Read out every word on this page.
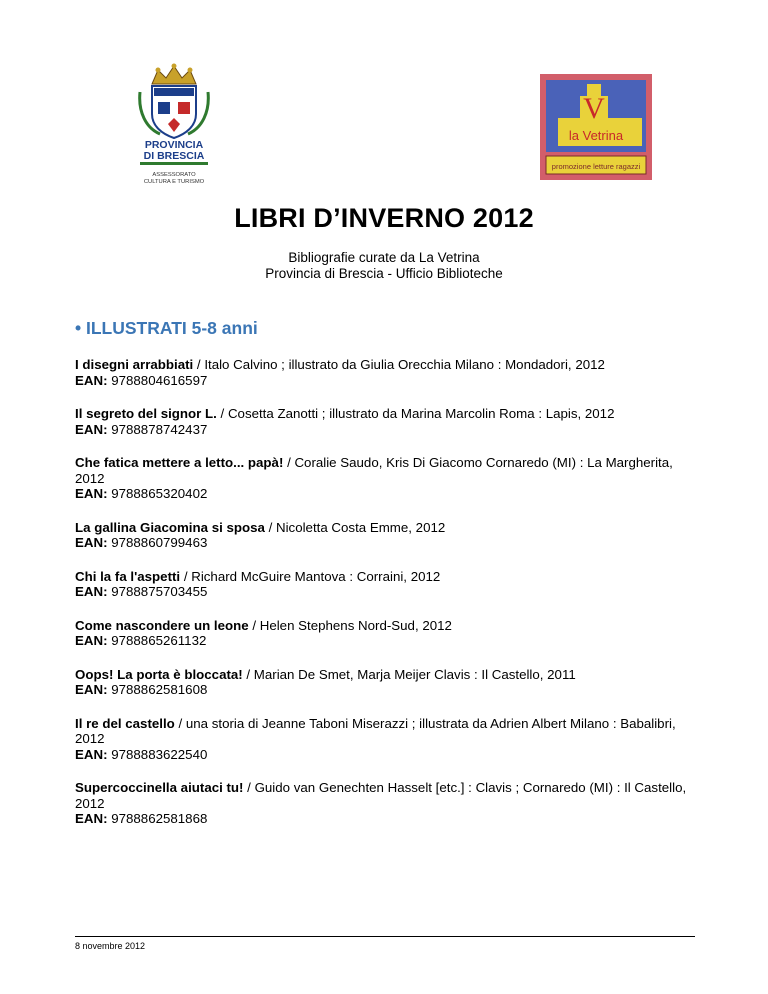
PROVINCIA
DI BRESCIA
ASSESSORATO
CULTURA E TURISMO
V
la Vetrina
promozione letture ragazzi
LIBRI D’INVERNO 2012
Bibliografie curate da La Vetrina
Provincia di Brescia - Ufficio Biblioteche
• ILLUSTRATI 5-8 anni
I disegni arrabbiati / Italo Calvino ; illustrato da Giulia Orecchia Milano : Mondadori, 2012
EAN: 9788804616597
Il segreto del signor L. / Cosetta Zanotti ; illustrato da Marina Marcolin Roma : Lapis, 2012
EAN: 9788878742437
Che fatica mettere a letto... papà! / Coralie Saudo, Kris Di Giacomo Cornaredo (MI) : La Margherita, 2012
EAN: 9788865320402
La gallina Giacomina si sposa / Nicoletta Costa Emme, 2012
EAN: 9788860799463
Chi la fa l'aspetti / Richard McGuire Mantova : Corraini, 2012
EAN: 9788875703455
Come nascondere un leone / Helen Stephens Nord-Sud, 2012
EAN: 9788865261132
Oops! La porta è bloccata! / Marian De Smet, Marja Meijer Clavis : Il Castello, 2011
EAN: 9788862581608
Il re del castello / una storia di Jeanne Taboni Miserazzi ; illustrata da Adrien Albert Milano : Babalibri, 2012
EAN: 9788883622540
Supercoccinella aiutaci tu! / Guido van Genechten Hasselt [etc.] : Clavis ; Cornaredo (MI) : Il Castello, 2012
EAN: 9788862581868
8 novembre 2012
